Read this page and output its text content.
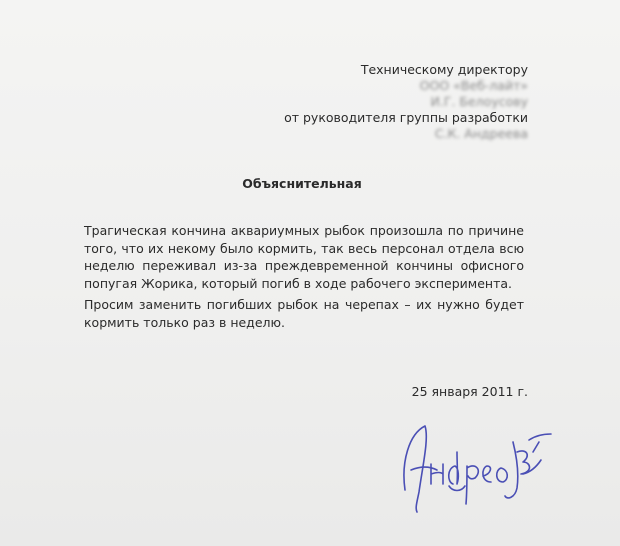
Техническому директору
ООО «Веб-лайт»
И.Г. Белоусову
от руководителя группы разработки
С.К. Андреева
Объяснительная
Трагическая кончина аквариумных рыбок произошла по причине
того, что их некому было кормить, так весь персонал отдела всю
неделю переживал из-за преждевременной кончины офисного
попугая Жорика, который погиб в ходе рабочего эксперимента.
Просим заменить погибших рыбок на черепах – их нужно будет
кормить только раз в неделю.
25 января 2011 г.
